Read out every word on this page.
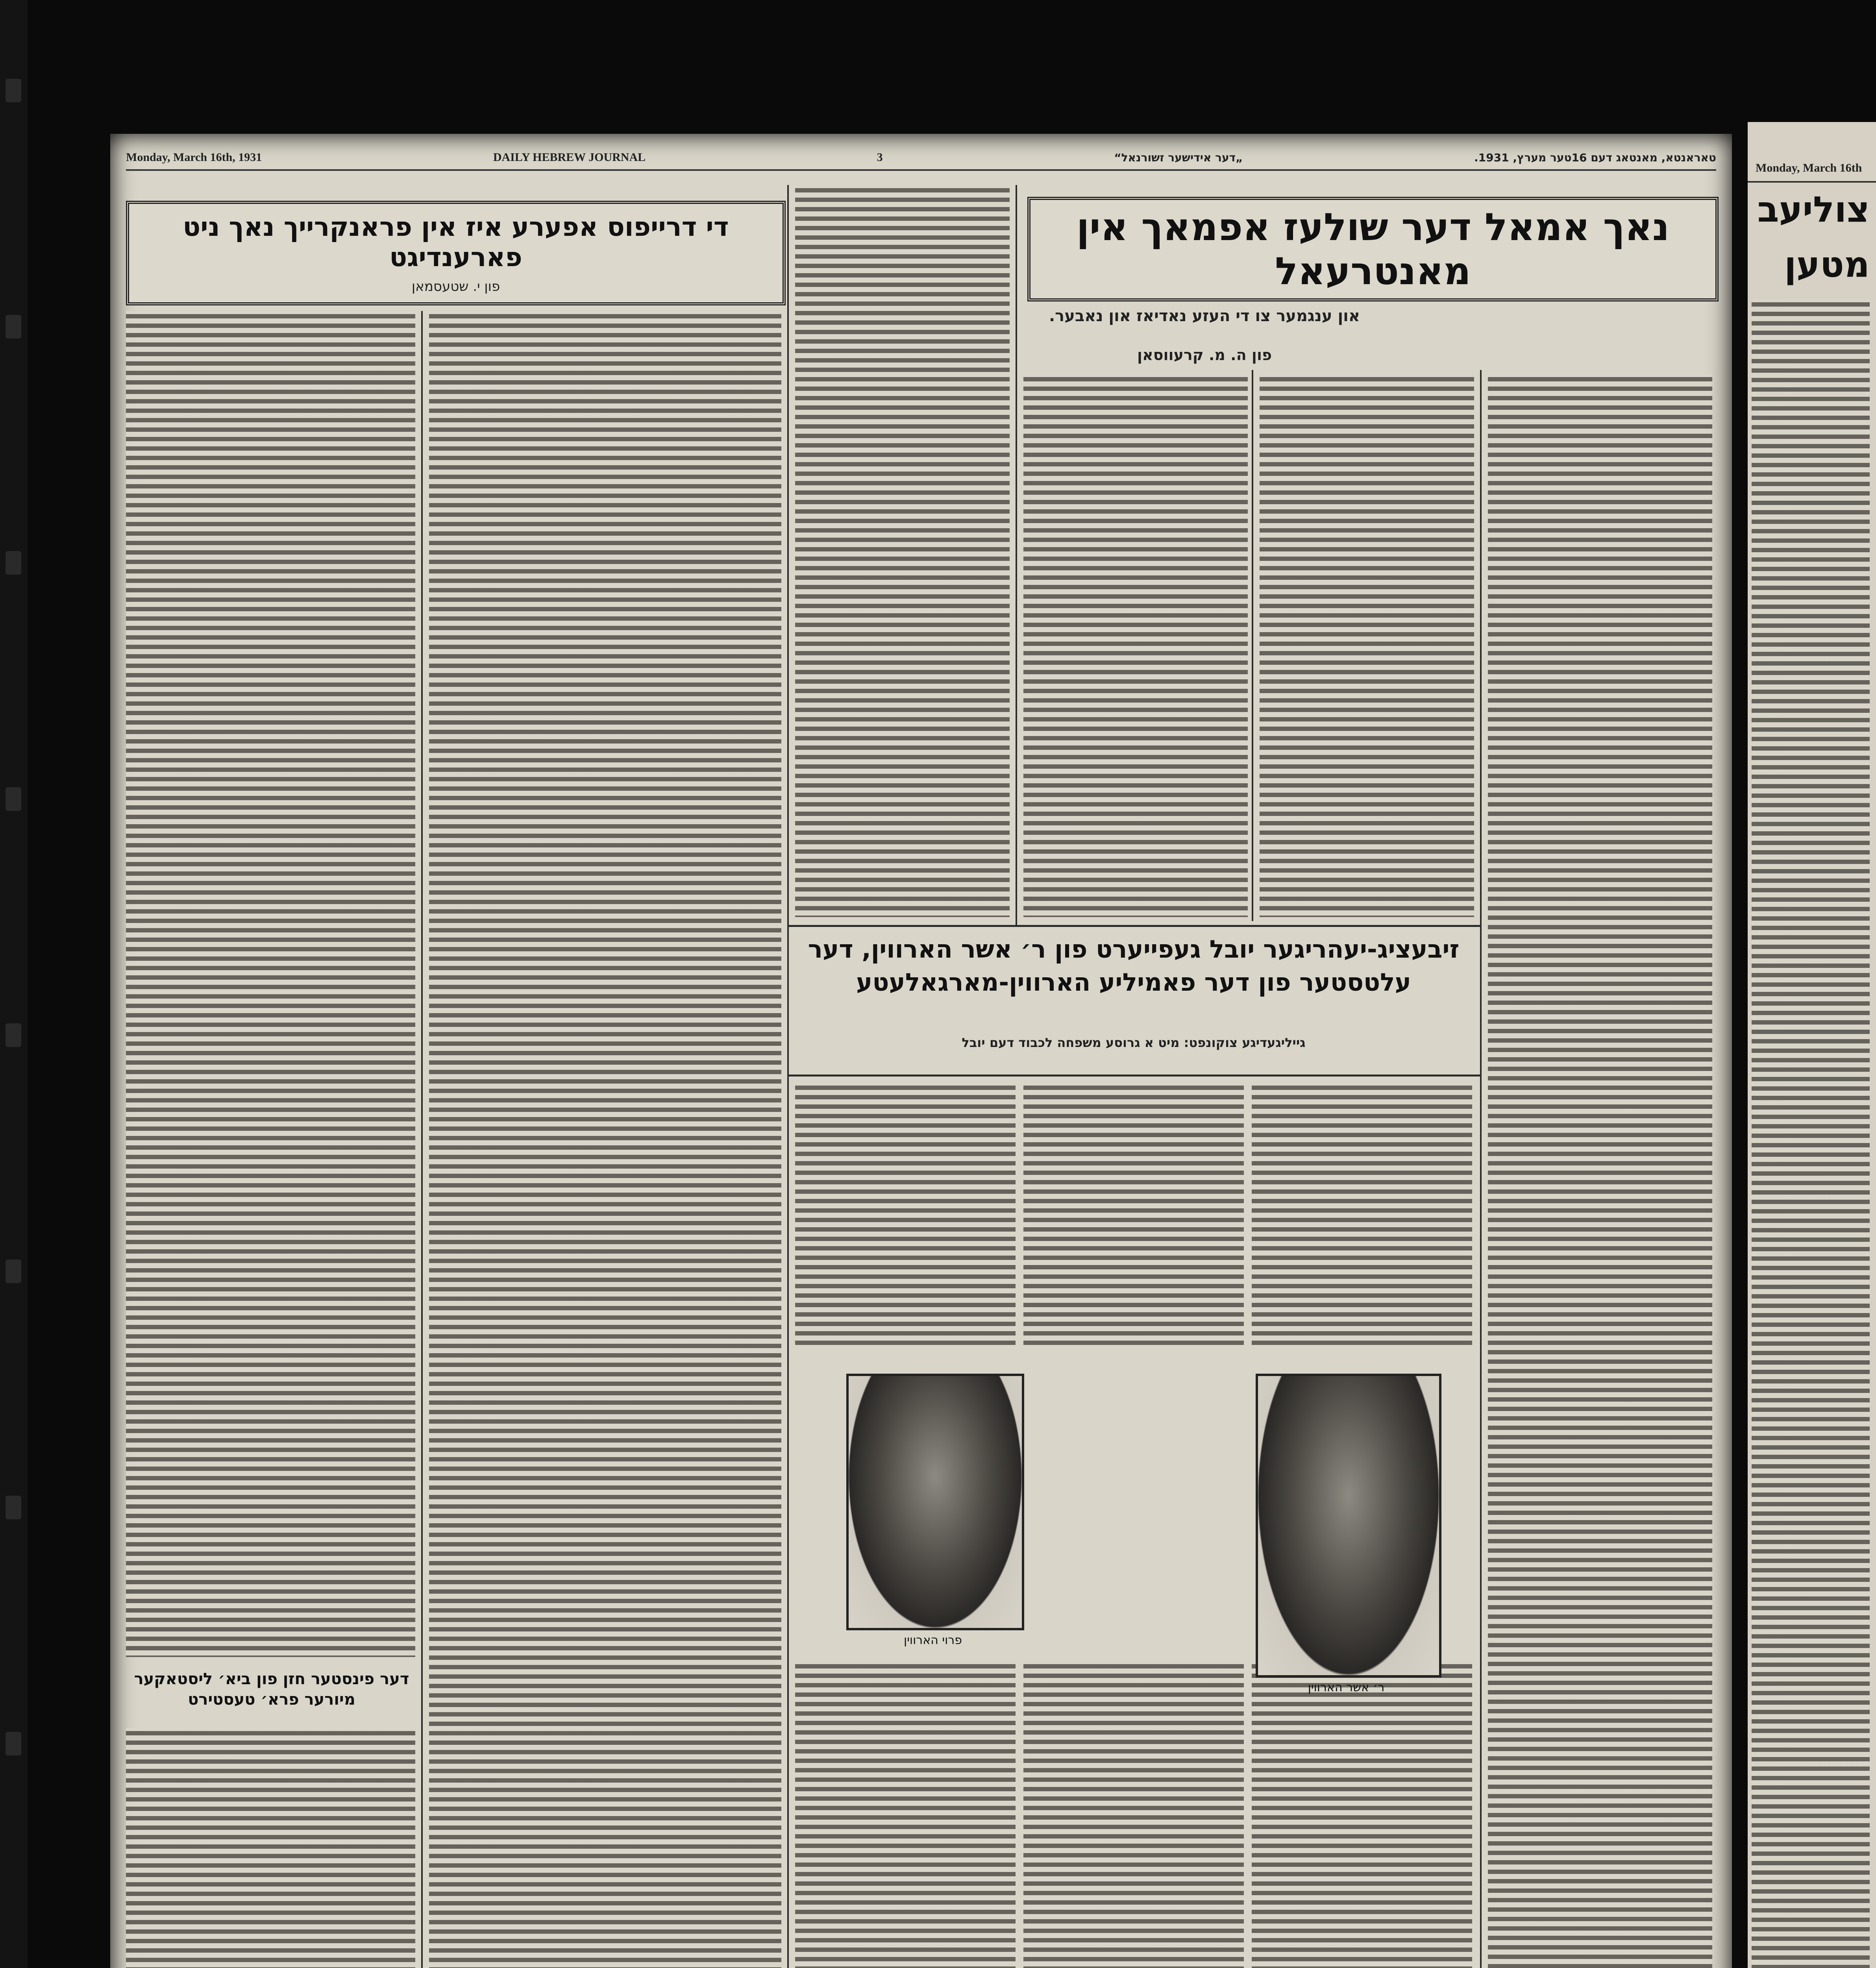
Monday, March 16th, 1931	DAILY HEBREW JOURNAL	3	„דער אידישער זשורנאל“	טאראנטא, מאנטאג דעם 16טער מערץ, 1931.
נאך אמאל דער שולעז אפמאך אין מאנטרעאל
און ענגמער צו די העזע נאדיאז און נאבער.
פון ה. מ. קרעווסאן
די דרייפוס אפערע איז אין פראנקרייך נאך ניט פארענדיגט
פון י. שטעסמאן
זיבעציג-יעהריגער יובל געפייערט פון ר׳ אשר הארווין, דער עלטסטער פון דער פאמיליע הארווין-מארגאלעטע
גייליגעדיגע צוקונפט: מיט א גרוסע משפחה לכבוד דעם יובל
פרוי הארווין
ר׳ אשר הארווין
דער פינסטער חזן פון ביא׳ ליסטאקער מיורער פרא׳ טעסטירט
Monday, March 16th
צוליעב
מטען
